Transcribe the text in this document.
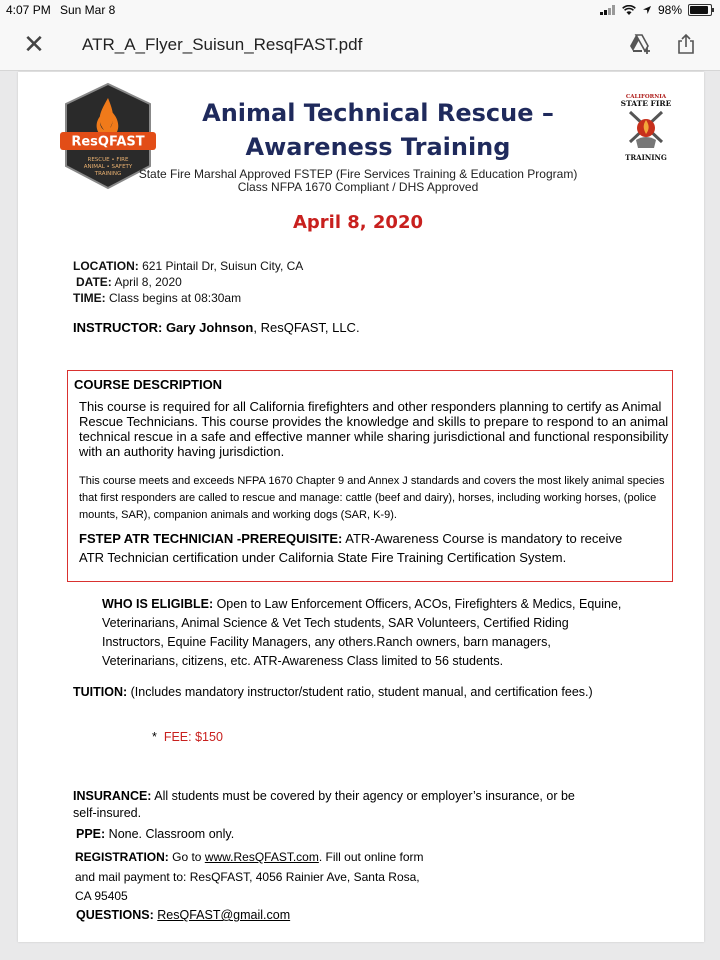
4:07 PM Sun Mar 8	98%
✕ ATR_A_Flyer_Suisun_ResqFAST.pdf
ResQFAST
RESCUE • FIRE
ANIMAL • SAFETY
TRAINING
Animal Technical Rescue –
Awareness Training
CALIFORNIA
STATE FIRE
TRAINING
State Fire Marshal Approved FSTEP (Fire Services Training & Education Program)
Class NFPA 1670 Compliant / DHS Approved
April 8, 2020
LOCATION: 621 Pintail Dr, Suisun City, CA
DATE: April 8, 2020
TIME: Class begins at 08:30am
INSTRUCTOR: Gary Johnson, ResQFAST, LLC.
COURSE DESCRIPTION
This course is required for all California firefighters and other responders planning to certify as Animal Rescue Technicians. This course provides the knowledge and skills to prepare to respond to an animal technical rescue in a safe and effective manner while sharing jurisdictional and functional responsibility with an authority having jurisdiction.
This course meets and exceeds NFPA 1670 Chapter 9 and Annex J standards and covers the most likely animal species that first responders are called to rescue and manage: cattle (beef and dairy), horses, including working horses, (police mounts, SAR), companion animals and working dogs (SAR, K-9).
FSTEP ATR TECHNICIAN -PREREQUISITE: ATR-Awareness Course is mandatory to receive ATR Technician certification under California State Fire Training Certification System.
WHO IS ELIGIBLE: Open to Law Enforcement Officers, ACOs, Firefighters & Medics, Equine, Veterinarians, Animal Science & Vet Tech students, SAR Volunteers, Certified Riding Instructors, Equine Facility Managers, any others.Ranch owners, barn managers, Veterinarians, citizens, etc. ATR-Awareness Class limited to 56 students.
TUITION: (Includes mandatory instructor/student ratio, student manual, and certification fees.)
* FEE: $150
INSURANCE: All students must be covered by their agency or employer’s insurance, or be self-insured.
PPE: None. Classroom only.
REGISTRATION: Go to www.ResQFAST.com. Fill out online form and mail payment to: ResQFAST, 4056 Rainier Ave, Santa Rosa, CA 95405
QUESTIONS: ResQFAST@gmail.com
